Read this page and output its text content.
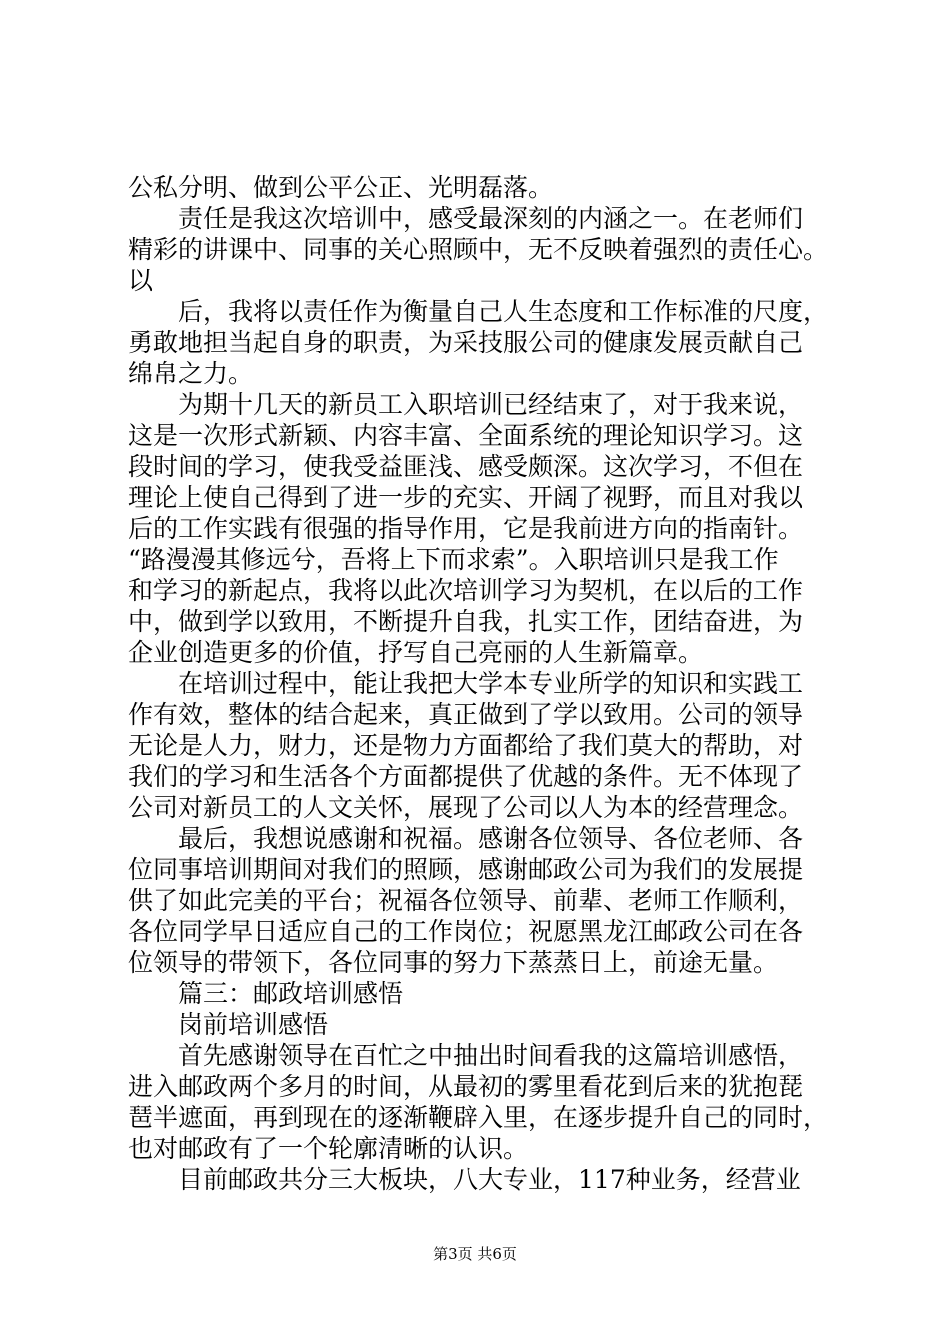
公私分明、做到公平公正、光明磊落。
　　责任是我这次培训中，感受最深刻的内涵之一。在老师们
精彩的讲课中、同事的关心照顾中，无不反映着强烈的责任心。
以
　　后，我将以责任作为衡量自己人生态度和工作标准的尺度，
勇敢地担当起自身的职责，为采技服公司的健康发展贡献自己
绵帛之力。
　　为期十几天的新员工入职培训已经结束了，对于我来说，
这是一次形式新颖、内容丰富、全面系统的理论知识学习。这
段时间的学习，使我受益匪浅、感受颇深。这次学习，不但在
理论上使自己得到了进一步的充实、开阔了视野，而且对我以
后的工作实践有很强的指导作用，它是我前进方向的指南针。
“路漫漫其修远兮，吾将上下而求索”。入职培训只是我工作
和学习的新起点，我将以此次培训学习为契机，在以后的工作
中，做到学以致用，不断提升自我，扎实工作，团结奋进，为
企业创造更多的价值，抒写自己亮丽的人生新篇章。
　　在培训过程中，能让我把大学本专业所学的知识和实践工
作有效，整体的结合起来，真正做到了学以致用。公司的领导
无论是人力，财力，还是物力方面都给了我们莫大的帮助，对
我们的学习和生活各个方面都提供了优越的条件。无不体现了
公司对新员工的人文关怀，展现了公司以人为本的经营理念。
　　最后，我想说感谢和祝福。感谢各位领导、各位老师、各
位同事培训期间对我们的照顾，感谢邮政公司为我们的发展提
供了如此完美的平台；祝福各位领导、前辈、老师工作顺利，
各位同学早日适应自己的工作岗位；祝愿黑龙江邮政公司在各
位领导的带领下，各位同事的努力下蒸蒸日上，前途无量。
　　篇三：邮政培训感悟
　　岗前培训感悟
　　首先感谢领导在百忙之中抽出时间看我的这篇培训感悟，
进入邮政两个多月的时间，从最初的雾里看花到后来的犹抱琵
琶半遮面，再到现在的逐渐鞭辟入里，在逐步提升自己的同时，
也对邮政有了一个轮廓清晰的认识。
　　目前邮政共分三大板块，八大专业，117种业务，经营业
第3页 共6页
